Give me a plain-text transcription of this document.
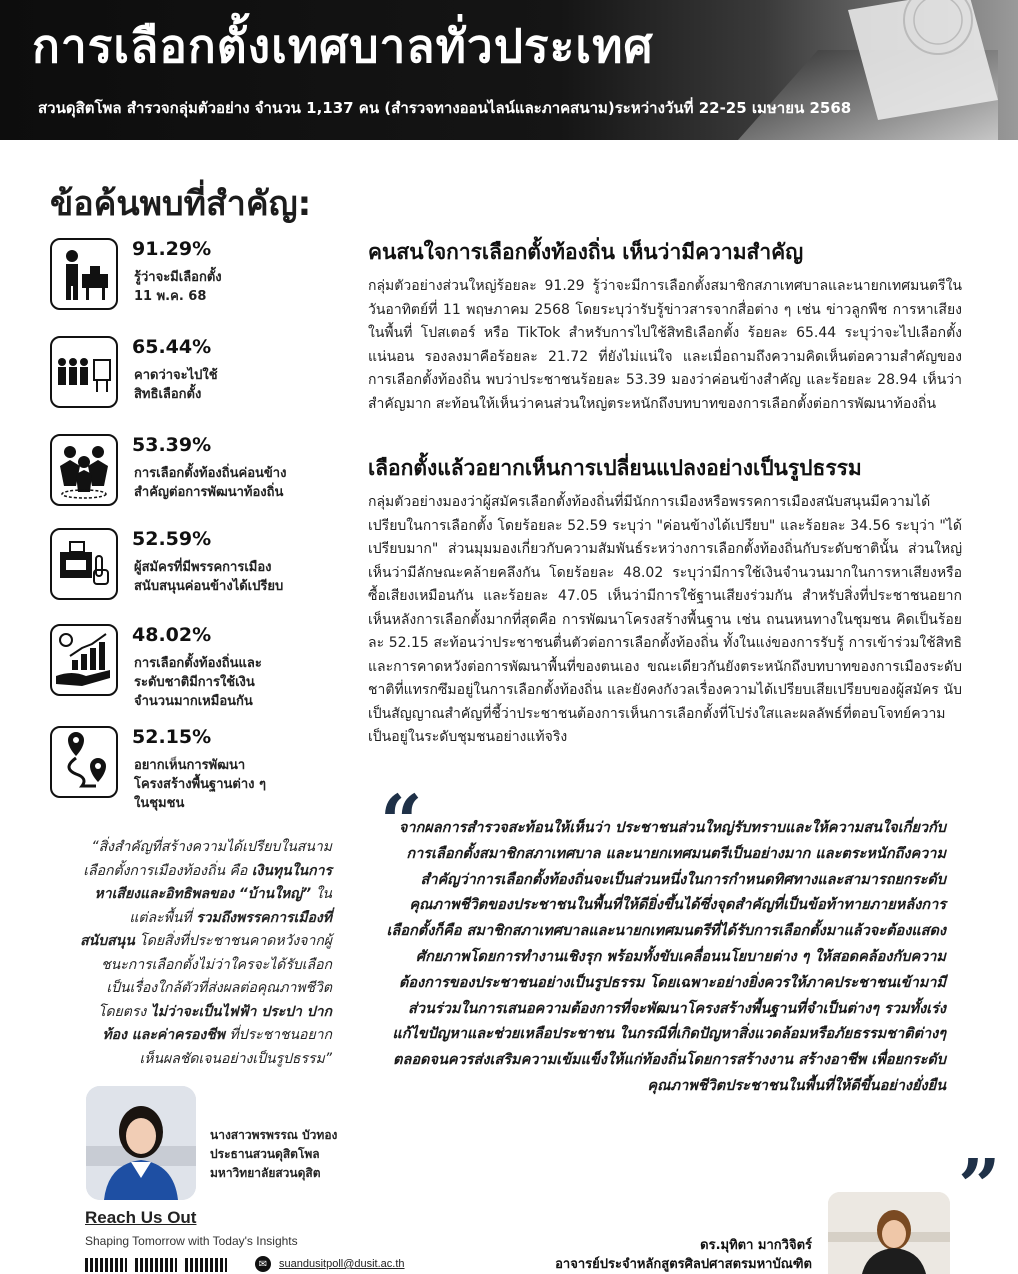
การเลือกตั้งเทศบาลทั่วประเทศ
สวนดุสิตโพล สำรวจกลุ่มตัวอย่าง จำนวน 1,137 คน (สำรวจทางออนไลน์และภาคสนาม)ระหว่างวันที่ 22-25 เมษายน 2568
ข้อค้นพบที่สำคัญ:
91.29%
รู้ว่าจะมีเลือกตั้ง
11 พ.ค. 68
65.44%
คาดว่าจะไปใช้
สิทธิเลือกตั้ง
53.39%
การเลือกตั้งท้องถิ่นค่อนข้าง
สำคัญต่อการพัฒนาท้องถิ่น
52.59%
ผู้สมัครที่มีพรรคการเมือง
สนับสนุนค่อนข้างได้เปรียบ
48.02%
การเลือกตั้งท้องถิ่นและ
ระดับชาติมีการใช้เงิน
จำนวนมากเหมือนกัน
52.15%
อยากเห็นการพัฒนา
โครงสร้างพื้นฐานต่าง ๆ
ในชุมชน
คนสนใจการเลือกตั้งท้องถิ่น เห็นว่ามีความสำคัญ

กลุ่มตัวอย่างส่วนใหญ่ร้อยละ 91.29 รู้ว่าจะมีการเลือกตั้งสมาชิกสภาเทศบาลและนายกเทศมนตรีในวันอาทิตย์ที่ 11 พฤษภาคม 2568 โดยระบุว่ารับรู้ข่าวสารจากสื่อต่าง ๆ เช่น ข่าวลูกพืช การหาเสียงในพื้นที่ โปสเตอร์ หรือ TikTok สำหรับการไปใช้สิทธิเลือกตั้ง ร้อยละ 65.44 ระบุว่าจะไปเลือกตั้งแน่นอน รองลงมาคือร้อยละ 21.72 ที่ยังไม่แน่ใจ และเมื่อถามถึงความคิดเห็นต่อความสำคัญของการเลือกตั้งท้องถิ่น พบว่าประชาชนร้อยละ 53.39 มองว่าค่อนข้างสำคัญ และร้อยละ 28.94 เห็นว่าสำคัญมาก สะท้อนให้เห็นว่าคนส่วนใหญ่ตระหนักถึงบทบาทของการเลือกตั้งต่อการพัฒนาท้องถิ่น

เลือกตั้งแล้วอยากเห็นการเปลี่ยนแปลงอย่างเป็นรูปธรรม

กลุ่มตัวอย่างมองว่าผู้สมัครเลือกตั้งท้องถิ่นที่มีนักการเมืองหรือพรรคการเมืองสนับสนุนมีความได้เปรียบในการเลือกตั้ง โดยร้อยละ 52.59 ระบุว่า "ค่อนข้างได้เปรียบ" และร้อยละ 34.56 ระบุว่า "ได้เปรียบมาก" ส่วนมุมมองเกี่ยวกับความสัมพันธ์ระหว่างการเลือกตั้งท้องถิ่นกับระดับชาตินั้น ส่วนใหญ่เห็นว่ามีลักษณะคล้ายคลึงกัน โดยร้อยละ 48.02 ระบุว่ามีการใช้เงินจำนวนมากในการหาเสียงหรือซื้อเสียงเหมือนกัน และร้อยละ 47.05 เห็นว่ามีการใช้ฐานเสียงร่วมกัน สำหรับสิ่งที่ประชาชนอยากเห็นหลังการเลือกตั้งมากที่สุดคือ การพัฒนาโครงสร้างพื้นฐาน เช่น ถนนหนทางในชุมชน คิดเป็นร้อยละ 52.15 สะท้อนว่าประชาชนตื่นตัวต่อการเลือกตั้งท้องถิ่น ทั้งในแง่ของการรับรู้ การเข้าร่วมใช้สิทธิ และการคาดหวังต่อการพัฒนาพื้นที่ของตนเอง ขณะเดียวกันยังตระหนักถึงบทบาทของการเมืองระดับชาติที่แทรกซึมอยู่ในการเลือกตั้งท้องถิ่น และยังคงกังวลเรื่องความได้เปรียบเสียเปรียบของผู้สมัคร นับเป็นสัญญาณสำคัญที่ชี้ว่าประชาชนต้องการเห็นการเลือกตั้งที่โปร่งใสและผลลัพธ์ที่ตอบโจทย์ความเป็นอยู่ในระดับชุมชนอย่างแท้จริง

“สิ่งสำคัญที่สร้างความได้เปรียบในสนามเลือกตั้งการเมืองท้องถิ่น คือ เงินทุนในการหาเสียงและอิทธิพลของ “บ้านใหญ่” ในแต่ละพื้นที่ รวมถึงพรรคการเมืองที่สนับสนุน โดยสิ่งที่ประชาชนคาดหวังจากผู้ชนะการเลือกตั้งไม่ว่าใครจะได้รับเลือก เป็นเรื่องใกล้ตัวที่ส่งผลต่อคุณภาพชีวิตโดยตรง ไม่ว่าจะเป็นไฟฟ้า ประปา ปากท้อง และค่าครองชีพ ที่ประชาชนอยากเห็นผลชัดเจนอย่างเป็นรูปธรรม”
นางสาวพรพรรณ บัวทอง
ประธานสวนดุสิตโพล
มหาวิทยาลัยสวนดุสิต
Reach Us Out
Shaping Tomorrow with Today's Insights
✉	suandusitpoll@dusit.ac.th
“
จากผลการสำรวจสะท้อนให้เห็นว่า ประชาชนส่วนใหญ่รับทราบและให้ความสนใจเกี่ยวกับการเลือกตั้งสมาชิกสภาเทศบาล และนายกเทศมนตรีเป็นอย่างมาก และตระหนักถึงความสำคัญว่าการเลือกตั้งท้องถิ่นจะเป็นส่วนหนึ่งในการกำหนดทิศทางและสามารถยกระดับคุณภาพชีวิตของประชาชนในพื้นที่ให้ดียิ่งขึ้นได้ซึ่งจุดสำคัญที่เป็นข้อท้าทายภายหลังการเลือกตั้งก็คือ สมาชิกสภาเทศบาลและนายกเทศมนตรีที่ได้รับการเลือกตั้งมาแล้วจะต้องแสดงศักยภาพโดยการทำงานเชิงรุก พร้อมทั้งขับเคลื่อนนโยบายต่าง ๆ ให้สอดคล้องกับความต้องการของประชาชนอย่างเป็นรูปธรรม โดยเฉพาะอย่างยิ่งควรให้ภาคประชาชนเข้ามามีส่วนร่วมในการเสนอความต้องการที่จะพัฒนาโครงสร้างพื้นฐานที่จำเป็นต่างๆ รวมทั้งเร่งแก้ไขปัญหาและช่วยเหลือประชาชน ในกรณีที่เกิดปัญหาสิ่งแวดล้อมหรือภัยธรรมชาติต่างๆ ตลอดจนควรส่งเสริมความเข้มแข็งให้แก่ท้องถิ่นโดยการสร้างงาน สร้างอาชีพ เพื่อยกระดับคุณภาพชีวิตประชาชนในพื้นที่ให้ดีขึ้นอย่างยั่งยืน
”
ดร.มุทิตา มากวิจิตร์
อาจารย์ประจำหลักสูตรศิลปศาสตรมหาบัณฑิต
